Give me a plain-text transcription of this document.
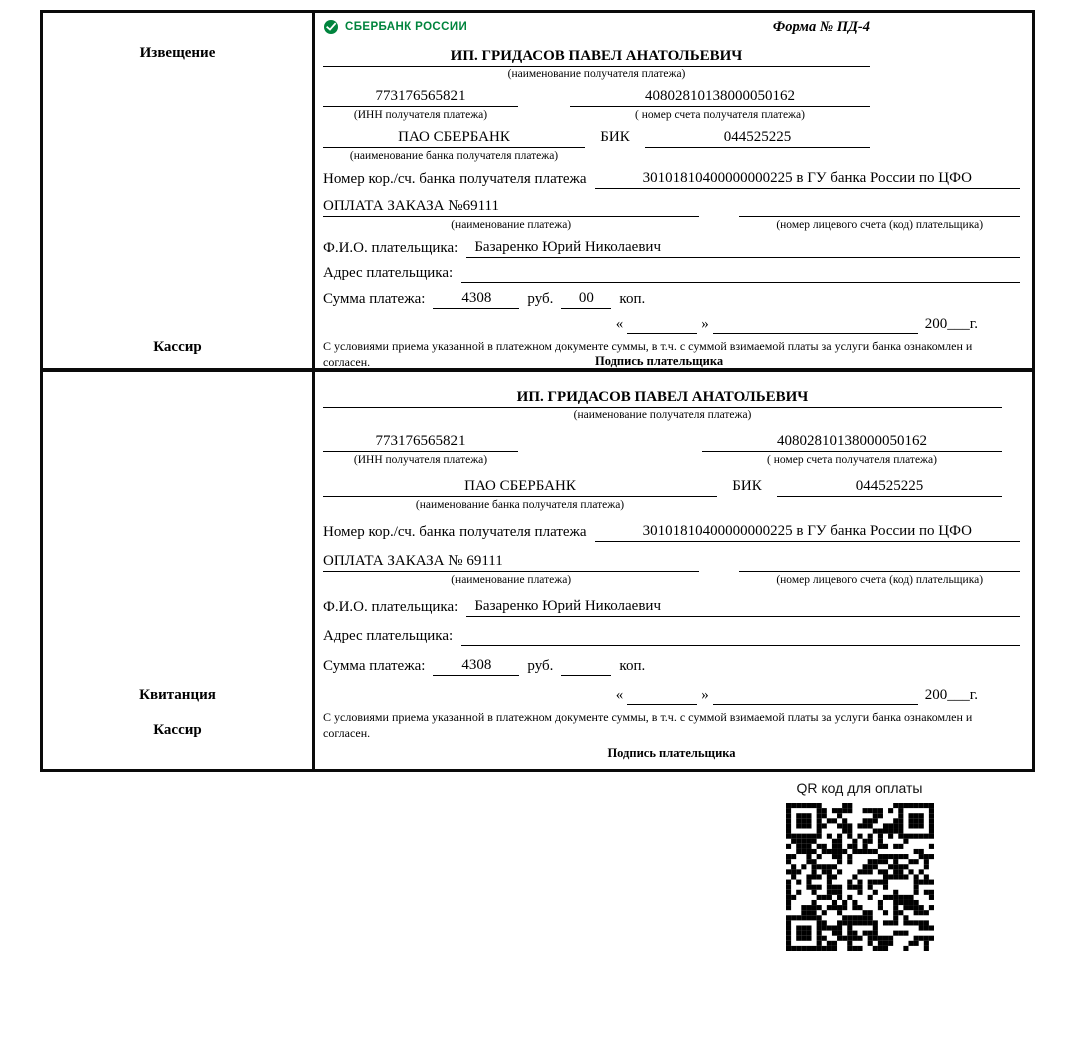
Извещение
Кассир
СБЕРБАНК РОССИИ	Форма № ПД-4
ИП. ГРИДАСОВ ПАВЕЛ АНАТОЛЬЕВИЧ
(наименование получателя платежа)
773176565821	40802810138000050162
(ИНН получателя платежа)	( номер счета получателя платежа)
ПАО СБЕРБАНК	БИК	044525225
(наименование банка получателя платежа)
Номер кор./сч. банка получателя платежа	30101810400000000225 в ГУ банка России по ЦФО
ОПЛАТА ЗАКАЗА №69111
(наименование платежа)	(номер лицевого счета (код) плательщика)
Ф.И.О. плательщика:	Базаренко Юрий Николаевич
Адрес плательщика:
Сумма платежа:	4308	руб.	00	коп.
«	»	200___г.
С условиями приема указанной в платежном документе суммы, в т.ч. с суммой взимаемой платы за услуги банка ознакомлен и согласен.	Подпись плательщика
Квитанция
Кассир
ИП. ГРИДАСОВ ПАВЕЛ АНАТОЛЬЕВИЧ
(наименование получателя платежа)
773176565821	40802810138000050162
(ИНН получателя платежа)	( номер счета получателя платежа)
ПАО СБЕРБАНК	БИК	044525225
(наименование банка получателя платежа)
Номер кор./сч. банка получателя платежа	30101810400000000225 в ГУ банка России по ЦФО
ОПЛАТА ЗАКАЗА № 69111
(наименование платежа)	(номер лицевого счета (код) плательщика)
Ф.И.О. плательщика:	Базаренко Юрий Николаевич
Адрес плательщика:
Сумма платежа:	4308	руб.	коп.
«	»	200___г.
С условиями приема указанной в платежном документе суммы, в т.ч. с суммой взимаемой платы за услуги банка ознакомлен и согласен.
Подпись плательщика
QR код для оплаты
